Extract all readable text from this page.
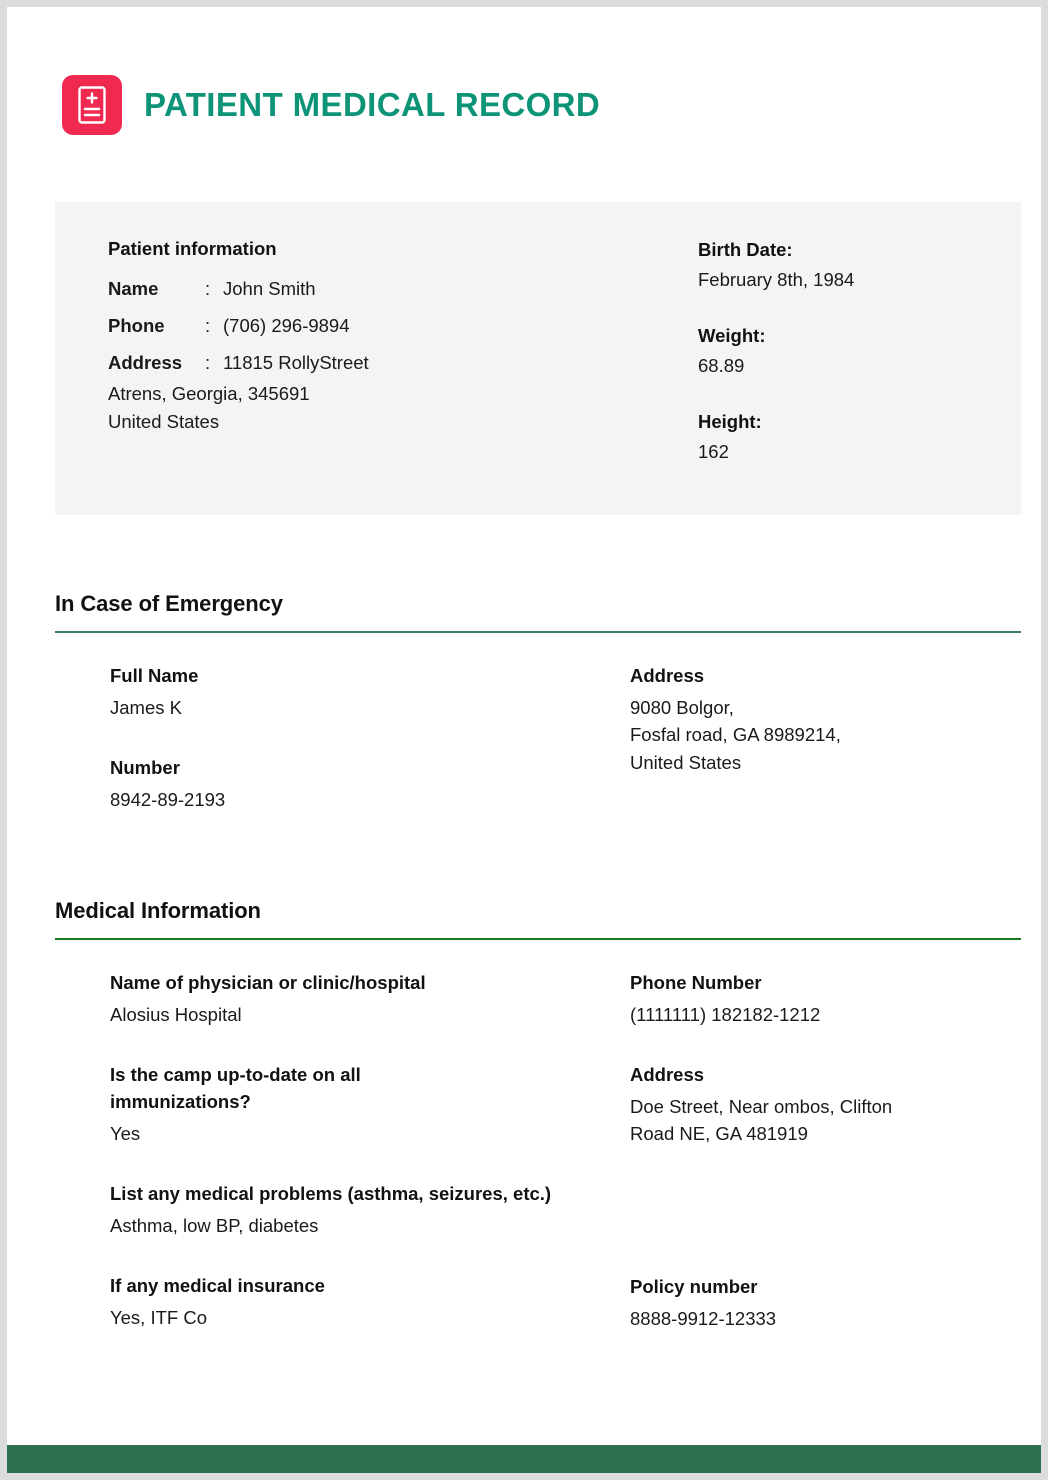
PATIENT MEDICAL RECORD
Patient information
Name	: John Smith
Phone	: (706) 296-9894
Address	: 11815 RollyStreet
Atrens, Georgia, 345691
United States
Birth Date:
February 8th, 1984
Weight:
68.89
Height:
162
In Case of Emergency
Full Name
James K
Number
8942-89-2193
Address
9080 Bolgor,
Fosfal road, GA 8989214,
United States
Medical Information
Name of physician or clinic/hospital
Alosius Hospital
Is the camp up-to-date on all immunizations?
Yes
List any medical problems (asthma, seizures, etc.)
Asthma, low BP, diabetes
If any medical insurance
Yes, ITF Co
Phone Number
(1111111) 182182-1212
Address
Doe Street, Near ombos, Clifton
Road NE, GA 481919
Policy number
8888-9912-12333
